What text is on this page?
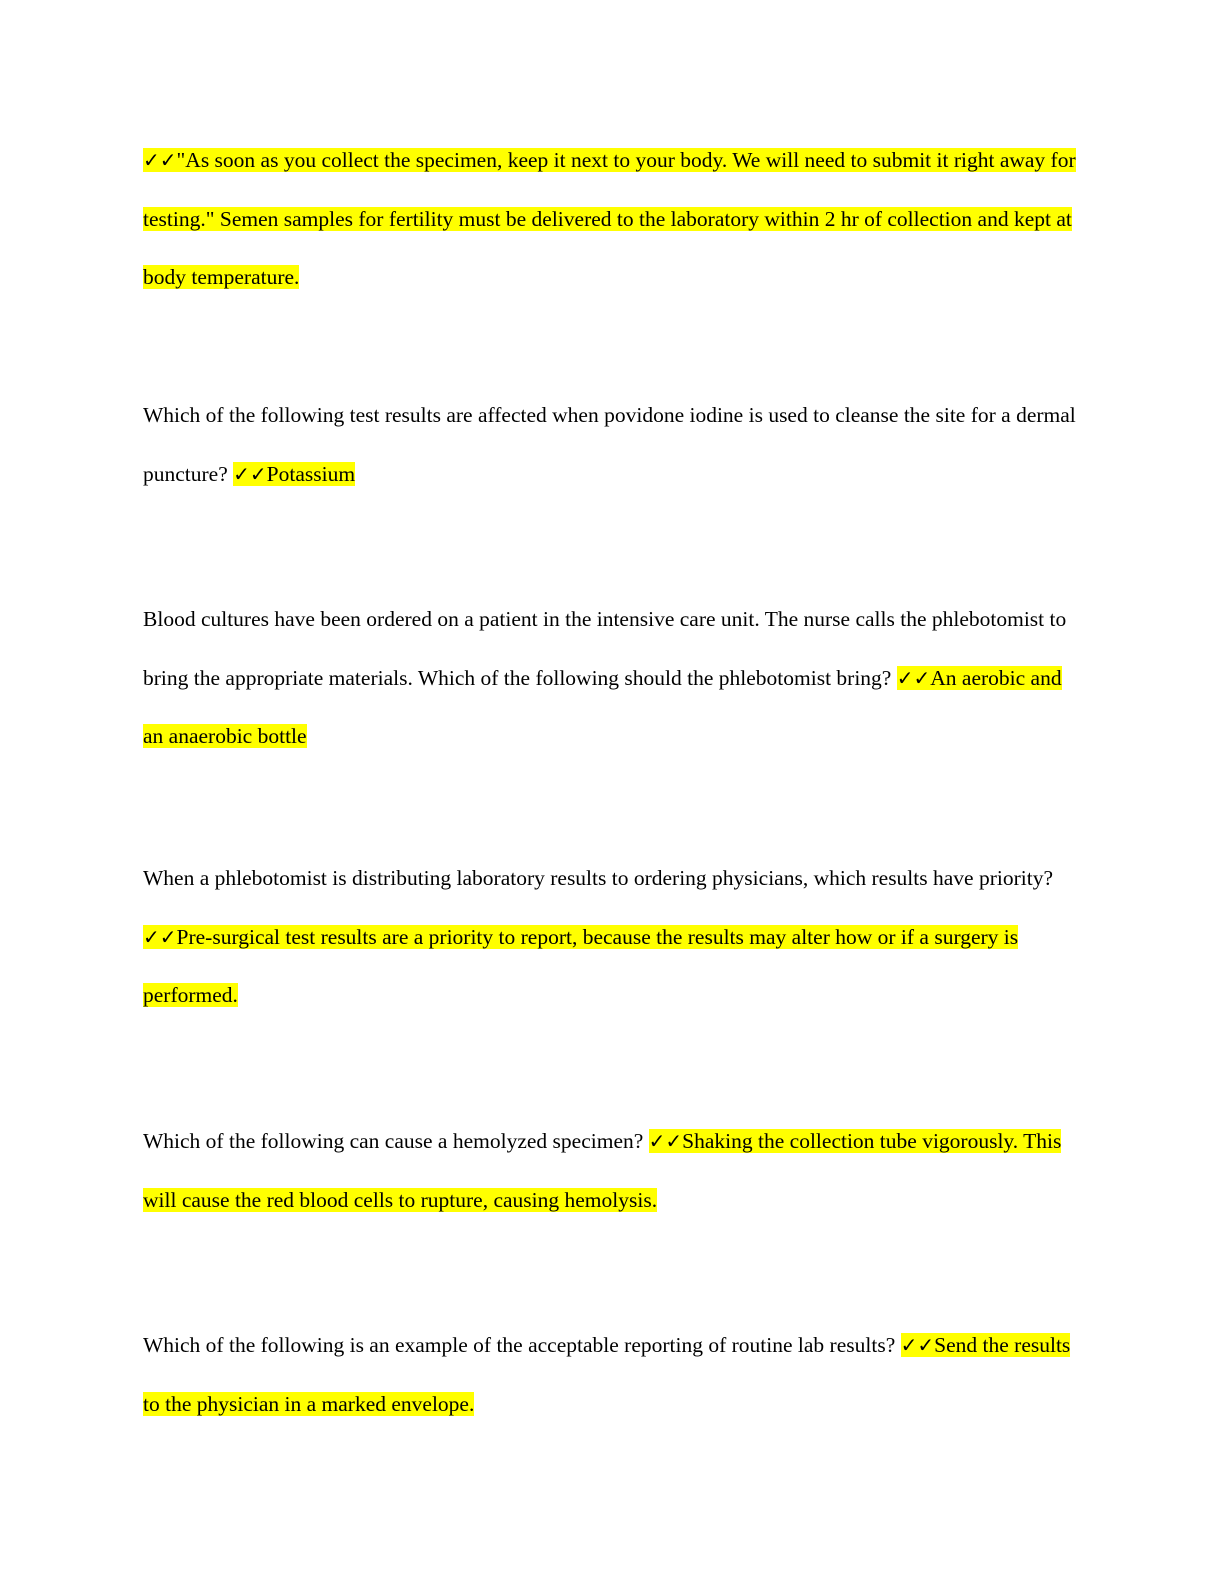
✓✓"As soon as you collect the specimen, keep it next to your body. We will need to submit it right away for testing." Semen samples for fertility must be delivered to the laboratory within 2 hr of collection and kept at body temperature.

Which of the following test results are affected when povidone iodine is used to cleanse the site for a dermal puncture? ✓✓Potassium

Blood cultures have been ordered on a patient in the intensive care unit. The nurse calls the phlebotomist to bring the appropriate materials. Which of the following should the phlebotomist bring? ✓✓An aerobic and an anaerobic bottle

When a phlebotomist is distributing laboratory results to ordering physicians, which results have priority? ✓✓Pre-surgical test results are a priority to report, because the results may alter how or if a surgery is performed.

Which of the following can cause a hemolyzed specimen? ✓✓Shaking the collection tube vigorously. This will cause the red blood cells to rupture, causing hemolysis.

Which of the following is an example of the acceptable reporting of routine lab results? ✓✓Send the results to the physician in a marked envelope.
